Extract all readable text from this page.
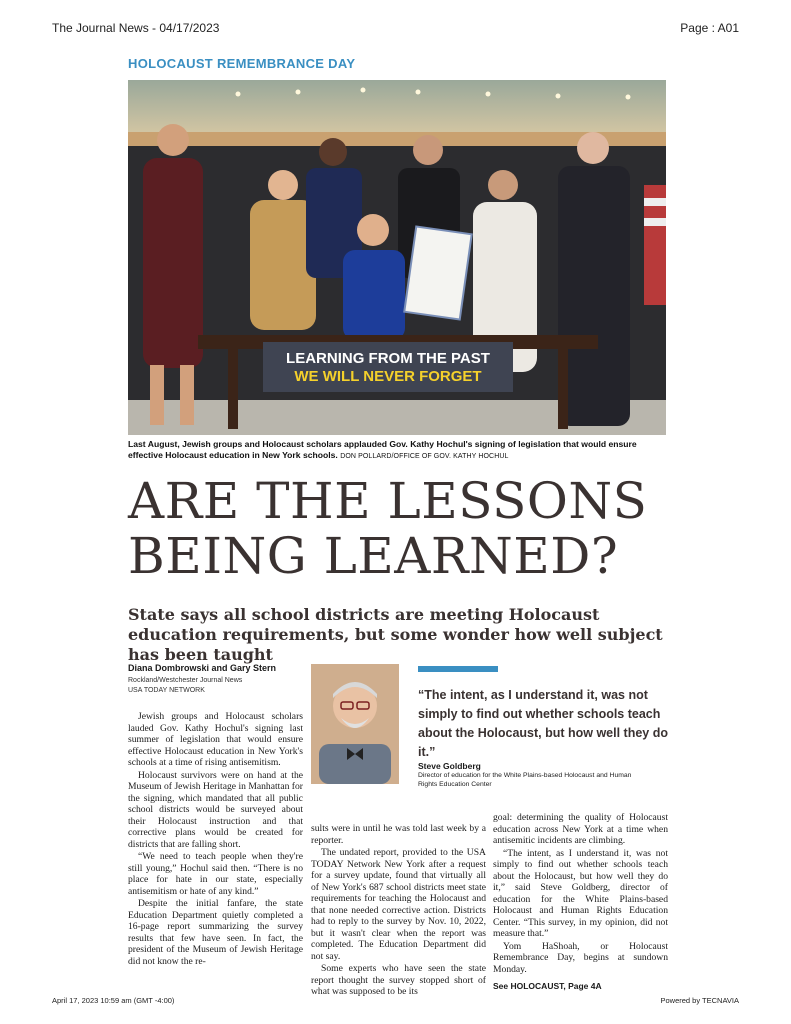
The Journal News - 04/17/2023	Page : A01
HOLOCAUST REMEMBRANCE DAY
LEARNING FROM THE PAST
WE WILL NEVER FORGET
Last August, Jewish groups and Holocaust scholars applauded Gov. Kathy Hochul's signing of legislation that would ensure effective Holocaust education in New York schools. DON POLLARD/OFFICE OF GOV. KATHY HOCHUL
ARE THE LESSONS
BEING LEARNED?

State says all school districts are meeting Holocaust education requirements, but some wonder how well subject has been taught

Diana Dombrowski and Gary Stern
Rockland/Westchester Journal News
USA TODAY NETWORK

Jewish groups and Holocaust scholars lauded Gov. Kathy Hochul's signing last summer of legislation that would ensure effective Holocaust education in New York's schools at a time of rising antisemitism.

Holocaust survivors were on hand at the Museum of Jewish Heritage in Manhattan for the signing, which mandated that all public school districts would be surveyed about their Holocaust instruction and that corrective plans would be created for districts that are falling short.

“We need to teach people when they're still young,” Hochul said then. “There is no place for hate in our state, especially antisemitism or hate of any kind.”

Despite the initial fanfare, the state Education Department quietly completed a 16-page report summarizing the survey results that few have seen. In fact, the president of the Museum of Jewish Heritage did not know the re-

sults were in until he was told last week by a reporter.

The undated report, provided to the USA TODAY Network New York after a request for a survey update, found that virtually all of New York's 687 school districts meet state requirements for teaching the Holocaust and that none needed corrective action. Districts had to reply to the survey by Nov. 10, 2022, but it wasn't clear when the report was completed. The Education Department did not say.

Some experts who have seen the state report thought the survey stopped short of what was supposed to be its

“The intent, as I understand it, was not simply to find out whether schools teach about the Holocaust, but how well they do it.”

Steve Goldberg
Director of education for the White Plains-based Holocaust and Human Rights Education Center

goal: determining the quality of Holocaust education across New York at a time when antisemitic incidents are climbing.

“The intent, as I understand it, was not simply to find out whether schools teach about the Holocaust, but how well they do it,” said Steve Goldberg, director of education for the White Plains-based Holocaust and Human Rights Education Center. “This survey, in my opinion, did not measure that.”

Yom HaShoah, or Holocaust Remembrance Day, begins at sundown Monday.

See HOLOCAUST, Page 4A
April 17, 2023 10:59 am (GMT -4:00)	Powered by TECNAVIA
